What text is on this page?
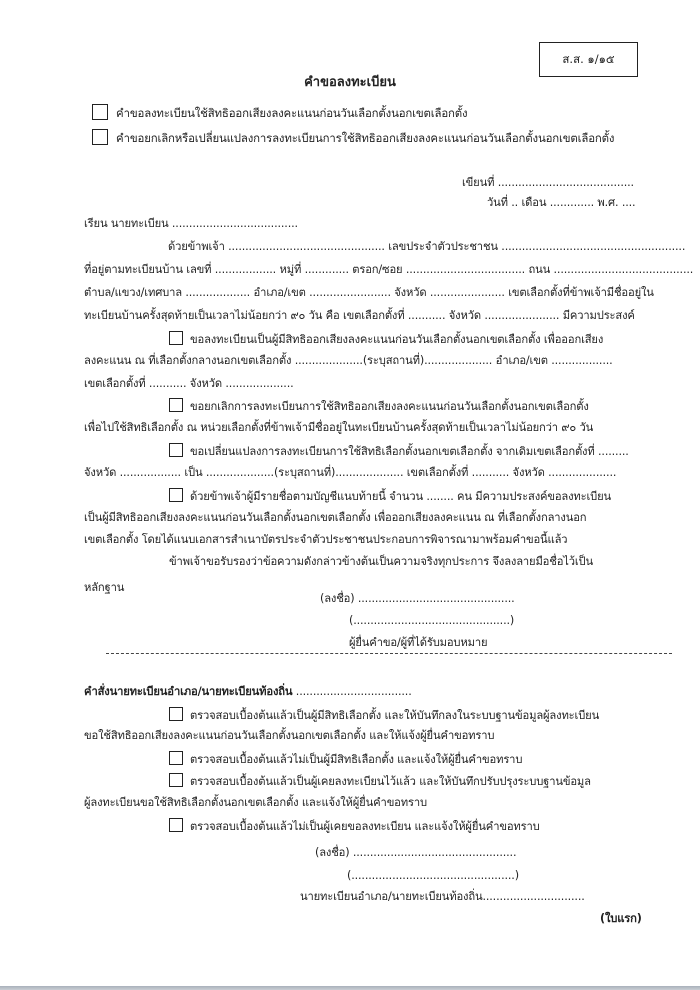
ส.ส. ๑/๑๕
คำขอลงทะเบียน
คำขอลงทะเบียนใช้สิทธิออกเสียงลงคะแนนก่อนวันเลือกตั้งนอกเขตเลือกตั้ง
คำขอยกเลิกหรือเปลี่ยนแปลงการลงทะเบียนการใช้สิทธิออกเสียงลงคะแนนก่อนวันเลือกตั้งนอกเขตเลือกตั้ง
เขียนที่ ........................................
วันที่ .. เดือน ............. พ.ศ. ....
เรียน นายทะเบียน .....................................
ด้วยข้าพเจ้า .............................................. เลขประจำตัวประชาชน ......................................................
ที่อยู่ตามทะเบียนบ้าน เลขที่ .................. หมู่ที่ ............. ตรอก/ซอย ................................... ถนน .........................................
ตำบล/แขวง/เทศบาล ................... อำเภอ/เขต ........................ จังหวัด ...................... เขตเลือกตั้งที่ข้าพเจ้ามีชื่ออยู่ใน
ทะเบียนบ้านครั้งสุดท้ายเป็นเวลาไม่น้อยกว่า ๙๐ วัน คือ เขตเลือกตั้งที่ ........... จังหวัด ...................... มีความประสงค์
ขอลงทะเบียนเป็นผู้มีสิทธิออกเสียงลงคะแนนก่อนวันเลือกตั้งนอกเขตเลือกตั้ง เพื่อออกเสียง
ลงคะแนน ณ ที่เลือกตั้งกลางนอกเขตเลือกตั้ง ....................(ระบุสถานที่).................... อำเภอ/เขต ..................
เขตเลือกตั้งที่ ........... จังหวัด ....................
ขอยกเลิกการลงทะเบียนการใช้สิทธิออกเสียงลงคะแนนก่อนวันเลือกตั้งนอกเขตเลือกตั้ง
เพื่อไปใช้สิทธิเลือกตั้ง ณ หน่วยเลือกตั้งที่ข้าพเจ้ามีชื่ออยู่ในทะเบียนบ้านครั้งสุดท้ายเป็นเวลาไม่น้อยกว่า ๙๐ วัน
ขอเปลี่ยนแปลงการลงทะเบียนการใช้สิทธิเลือกตั้งนอกเขตเลือกตั้ง จากเดิมเขตเลือกตั้งที่ .........
จังหวัด .................. เป็น ....................(ระบุสถานที่).................... เขตเลือกตั้งที่ ........... จังหวัด ....................
ด้วยข้าพเจ้าผู้มีรายชื่อตามบัญชีแนบท้ายนี้ จำนวน ........ คน มีความประสงค์ขอลงทะเบียน
เป็นผู้มีสิทธิออกเสียงลงคะแนนก่อนวันเลือกตั้งนอกเขตเลือกตั้ง เพื่อออกเสียงลงคะแนน ณ ที่เลือกตั้งกลางนอก
เขตเลือกตั้ง โดยได้แนบเอกสารสำเนาบัตรประจำตัวประชาชนประกอบการพิจารณามาพร้อมคำขอนี้แล้ว
ข้าพเจ้าขอรับรองว่าข้อความดังกล่าวข้างต้นเป็นความจริงทุกประการ จึงลงลายมือชื่อไว้เป็น
หลักฐาน
(ลงชื่อ) ..............................................
(..............................................)
ผู้ยื่นคำขอ/ผู้ที่ได้รับมอบหมาย
คำสั่งนายทะเบียนอำเภอ/นายทะเบียนท้องถิ่น ..................................
ตรวจสอบเบื้องต้นแล้วเป็นผู้มีสิทธิเลือกตั้ง และให้บันทึกลงในระบบฐานข้อมูลผู้ลงทะเบียน
ขอใช้สิทธิออกเสียงลงคะแนนก่อนวันเลือกตั้งนอกเขตเลือกตั้ง และให้แจ้งผู้ยื่นคำขอทราบ
ตรวจสอบเบื้องต้นแล้วไม่เป็นผู้มีสิทธิเลือกตั้ง และแจ้งให้ผู้ยื่นคำขอทราบ
ตรวจสอบเบื้องต้นแล้วเป็นผู้เคยลงทะเบียนไว้แล้ว และให้บันทึกปรับปรุงระบบฐานข้อมูล
ผู้ลงทะเบียนขอใช้สิทธิเลือกตั้งนอกเขตเลือกตั้ง และแจ้งให้ผู้ยื่นคำขอทราบ
ตรวจสอบเบื้องต้นแล้วไม่เป็นผู้เคยขอลงทะเบียน และแจ้งให้ผู้ยื่นคำขอทราบ
(ลงชื่อ) ................................................
(................................................)
นายทะเบียนอำเภอ/นายทะเบียนท้องถิ่น..............................
(ใบแรก)
